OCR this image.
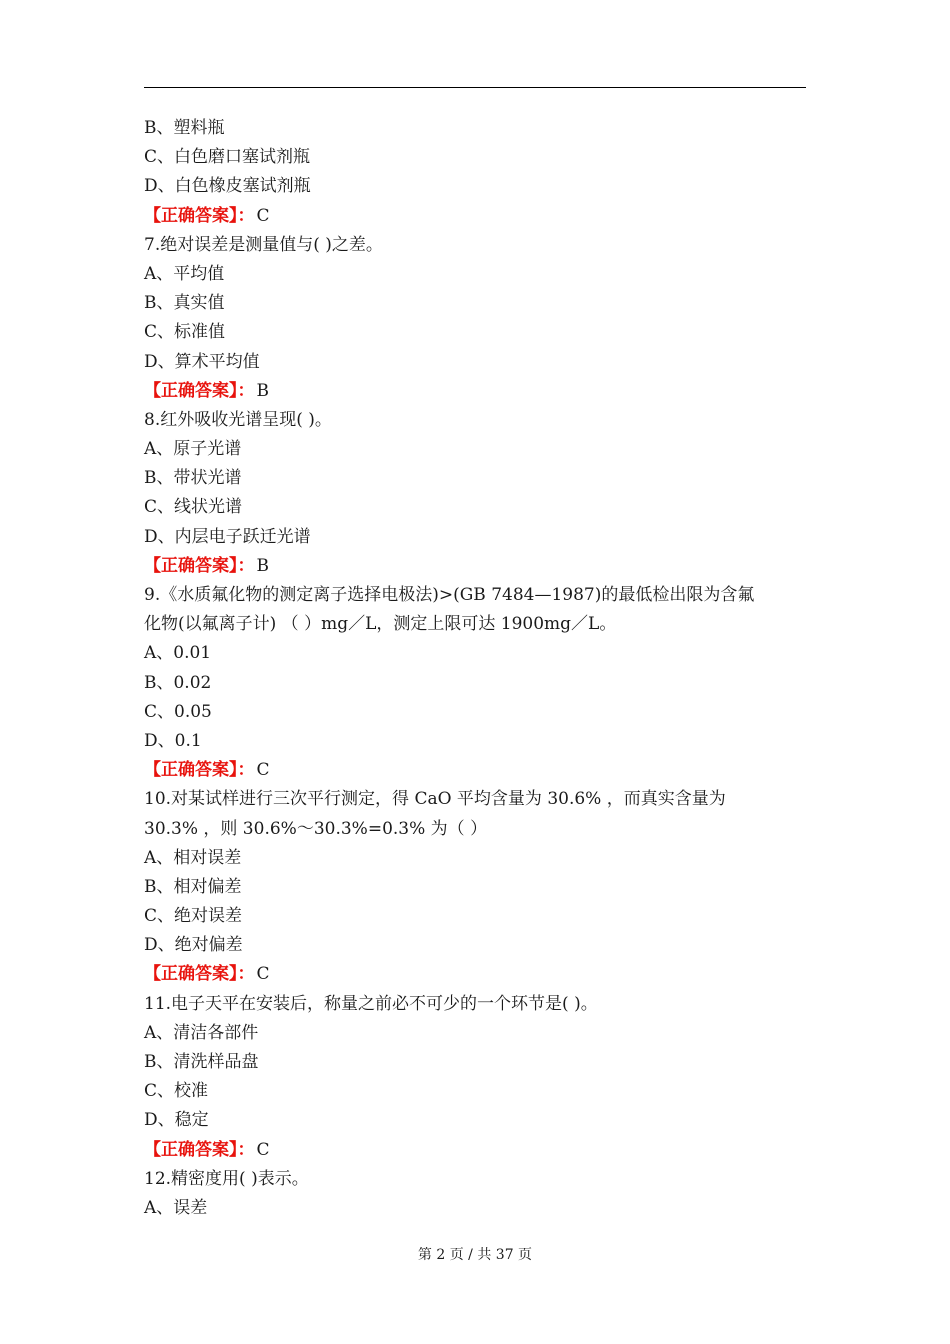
B、塑料瓶
C、白色磨口塞试剂瓶
D、白色橡皮塞试剂瓶
【正确答案】： C
7.绝对误差是测量值与( )之差。
A、平均值
B、真实值
C、标准值
D、算术平均值
【正确答案】： B
8.红外吸收光谱呈现( )。
A、原子光谱
B、带状光谱
C、线状光谱
D、内层电子跃迁光谱
【正确答案】： B
9.《水质氟化物的测定离子选择电极法)>(GB 7484—1987)的最低检出限为含氟
化物(以氟离子计) （ ）mg／L，测定上限可达 1900mg／L。
A、0.01
B、0.02
C、0.05
D、0.1
【正确答案】： C
10.对某试样进行三次平行测定，得 CaO 平均含量为 30.6% ，而真实含量为
30.3% ，则 30.6%～30.3%=0.3% 为（ ）
A、相对误差
B、相对偏差
C、绝对误差
D、绝对偏差
【正确答案】： C
11.电子天平在安装后，称量之前必不可少的一个环节是( )。
A、清洁各部件
B、清洗样品盘
C、校准
D、稳定
【正确答案】： C
12.精密度用( )表示。
A、误差
第 2 页 / 共 37 页
